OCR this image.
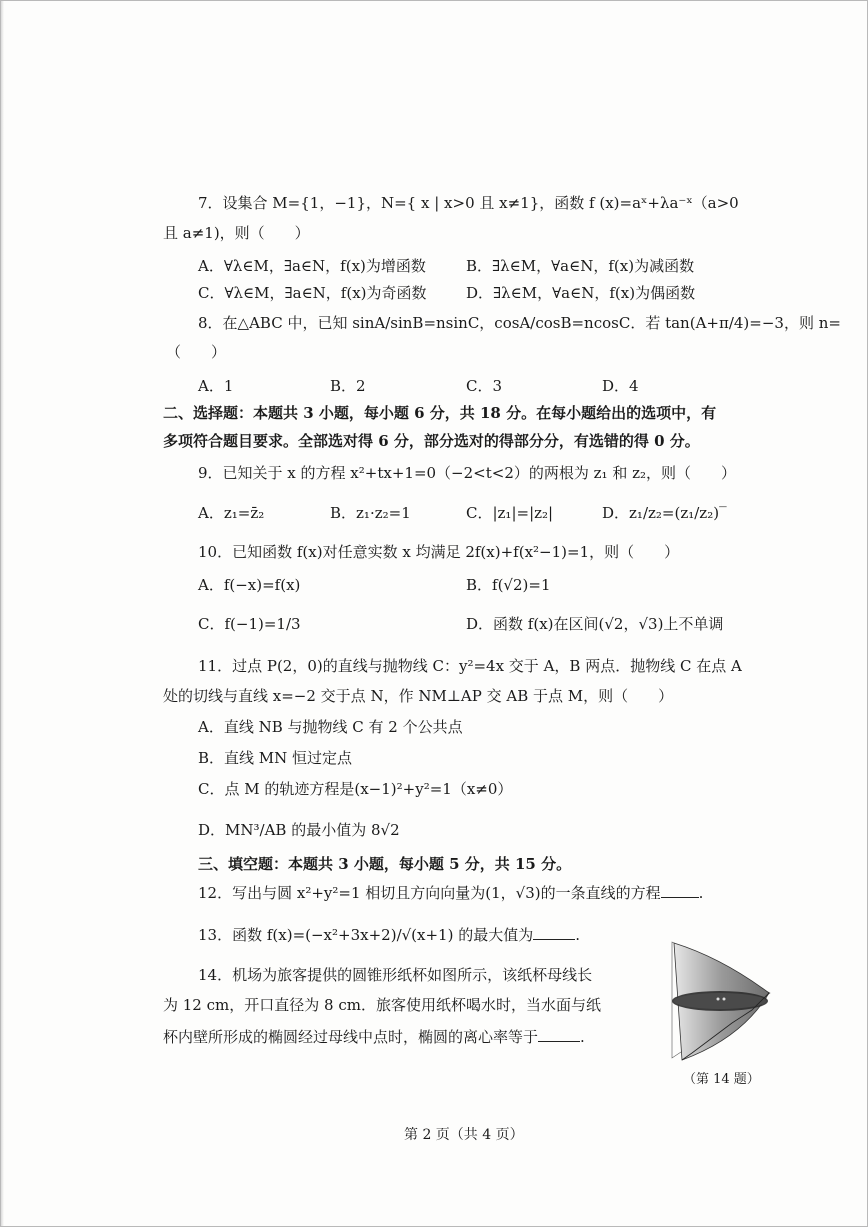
7．设集合 M={1，−1}，N={ x | x>0 且 x≠1}，函数 f (x)=aˣ+λa⁻ˣ（a>0
且 a≠1)，则（　　）
A．∀λ∈M，∃a∈N，f(x)为增函数	B．∃λ∈M，∀a∈N，f(x)为减函数
C．∀λ∈M，∃a∈N，f(x)为奇函数	D．∃λ∈M，∀a∈N，f(x)为偶函数
8．在△ABC 中，已知 sinA/sinB=nsinC，cosA/cosB=ncosC．若 tan(A+π/4)=−3，则 n=
（　　）
A．1	B．2	C．3	D．4
二、选择题：本题共 3 小题，每小题 6 分，共 18 分。在每小题给出的选项中，有
多项符合题目要求。全部选对得 6 分，部分选对的得部分分，有选错的得 0 分。
9．已知关于 x 的方程 x²+tx+1=0（−2<t<2）的两根为 z₁ 和 z₂，则（　　）
A．z₁=z̄₂	B．z₁·z₂=1	C．|z₁|=|z₂|	D．z₁/z₂=(z₁/z₂)‾
10．已知函数 f(x)对任意实数 x 均满足 2f(x)+f(x²−1)=1，则（　　）
A．f(−x)=f(x)	B．f(√2)=1
C．f(−1)=1/3	D．函数 f(x)在区间(√2，√3)上不单调
11．过点 P(2，0)的直线与抛物线 C：y²=4x 交于 A，B 两点．抛物线 C 在点 A
处的切线与直线 x=−2 交于点 N，作 NM⊥AP 交 AB 于点 M，则（　　）
A．直线 NB 与抛物线 C 有 2 个公共点
B．直线 MN 恒过定点
C．点 M 的轨迹方程是(x−1)²+y²=1（x≠0）
D．MN³/AB 的最小值为 8√2
三、填空题：本题共 3 小题，每小题 5 分，共 15 分。
12．写出与圆 x²+y²=1 相切且方向向量为(1，√3)的一条直线的方程	.
13．函数 f(x)=(−x²+3x+2)/√(x+1) 的最大值为	.
14．机场为旅客提供的圆锥形纸杯如图所示，该纸杯母线长
为 12 cm，开口直径为 8 cm．旅客使用纸杯喝水时，当水面与纸
杯内壁所形成的椭圆经过母线中点时，椭圆的离心率等于	.
（第 14 题）
第 2 页（共 4 页）
